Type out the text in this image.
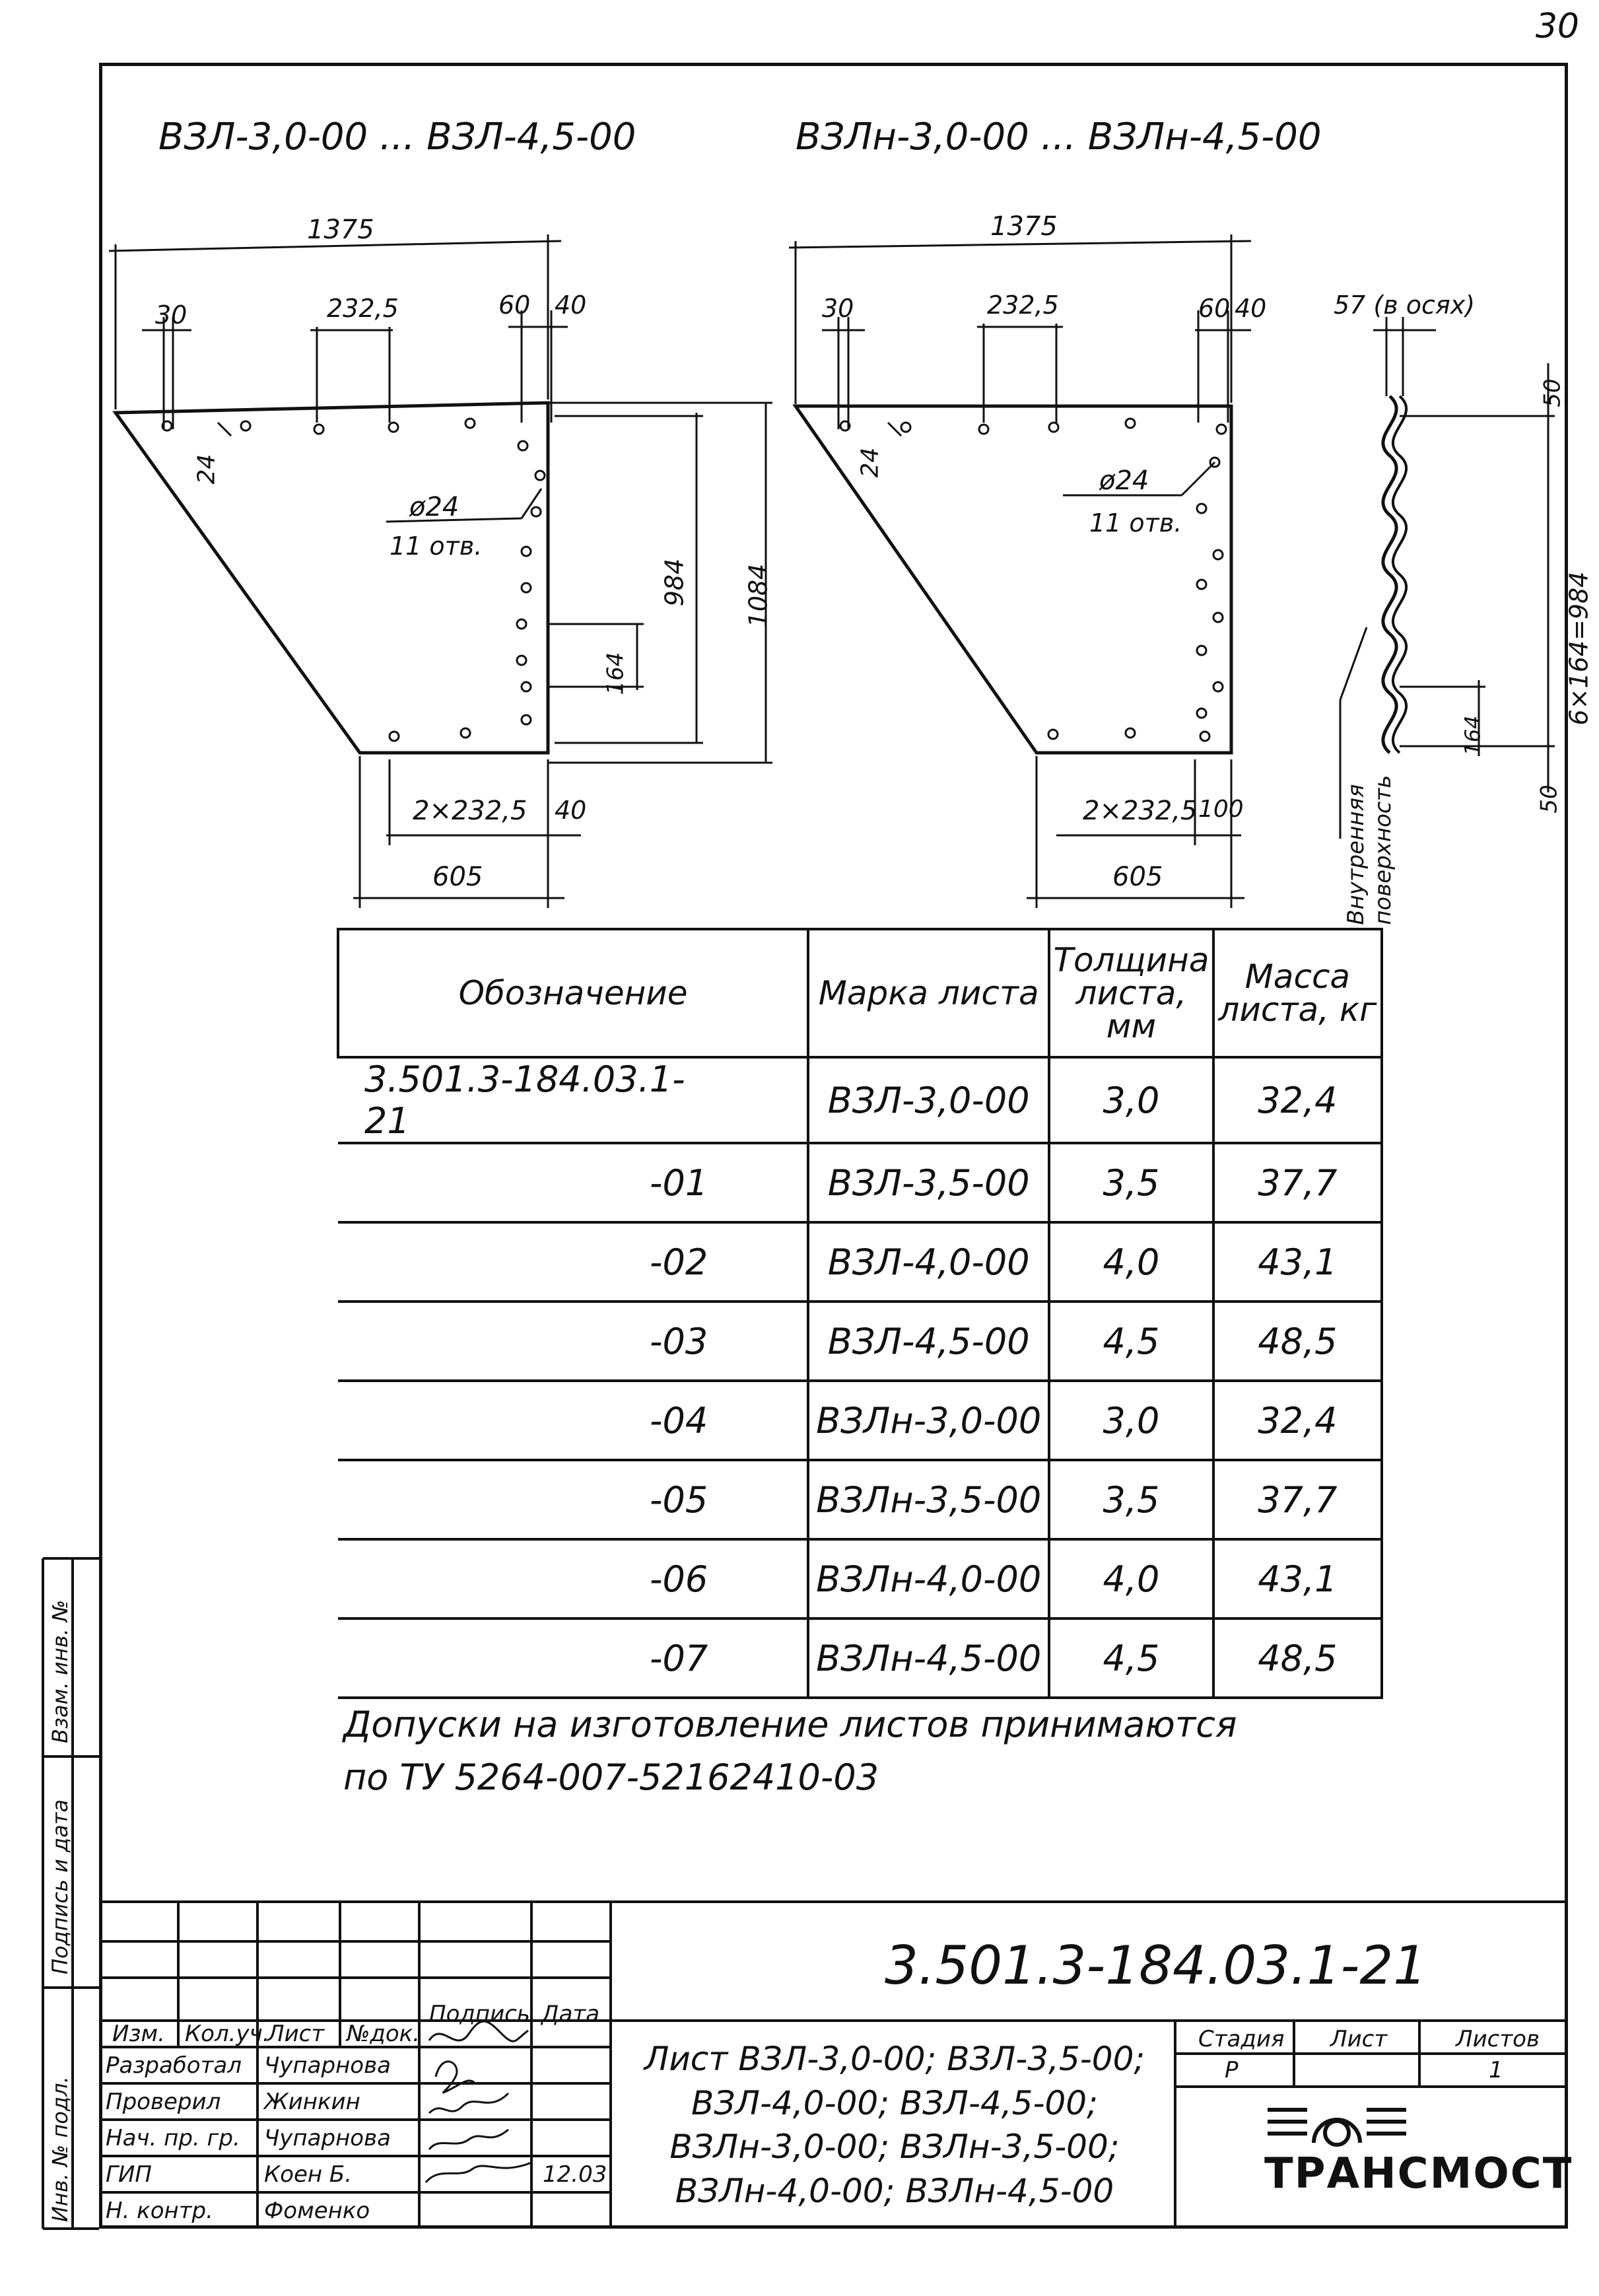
30
ВЗЛ-3,0-00 ... ВЗЛ-4,5-00	ВЗЛн-3,0-00 ... ВЗЛн-4,5-00
1375
30	232,5	60 40
24
ø24
11 отв.
984 1084
164
2×232,5 40
605
1375
30	232,5	60 40
24
ø24
11 отв.
2×232,5 100
605
57 (в осях)
50
6×164=984
164
50
Внутренняя поверхность
Обозначение	Марка листа	Толщина листа, мм	Масса листа, кг
3.501.3-184.03.1-21	ВЗЛ-3,0-00	3,0	32,4
-01	ВЗЛ-3,5-00	3,5	37,7
-02	ВЗЛ-4,0-00	4,0	43,1
-03	ВЗЛ-4,5-00	4,5	48,5
-04	ВЗЛн-3,0-00	3,0	32,4
-05	ВЗЛн-3,5-00	3,5	37,7
-06	ВЗЛн-4,0-00	4,0	43,1
-07	ВЗЛн-4,5-00	4,5	48,5
Допуски на изготовление листов принимаются
по ТУ 5264-007-52162410-03
Взам. инв. №
Подпись и дата
Инв. № подл.
3.501.3-184.03.1-21
Изм. Кол.уч.
Лист №док.
Подпись Дата
Разработал Чупарнова
Проверил Жинкин
Нач. пр. гр. Чупарнова
ГИП	Коен Б.
Н. контр. Фоменко
12.03
Лист ВЗЛ-3,0-00; ВЗЛ-3,5-00;
ВЗЛ-4,0-00; ВЗЛ-4,5-00;
ВЗЛн-3,0-00; ВЗЛн-3,5-00;
ВЗЛн-4,0-00; ВЗЛн-4,5-00
Стадия Лист	Листов
Р	1
ТРАНСМОСТ
